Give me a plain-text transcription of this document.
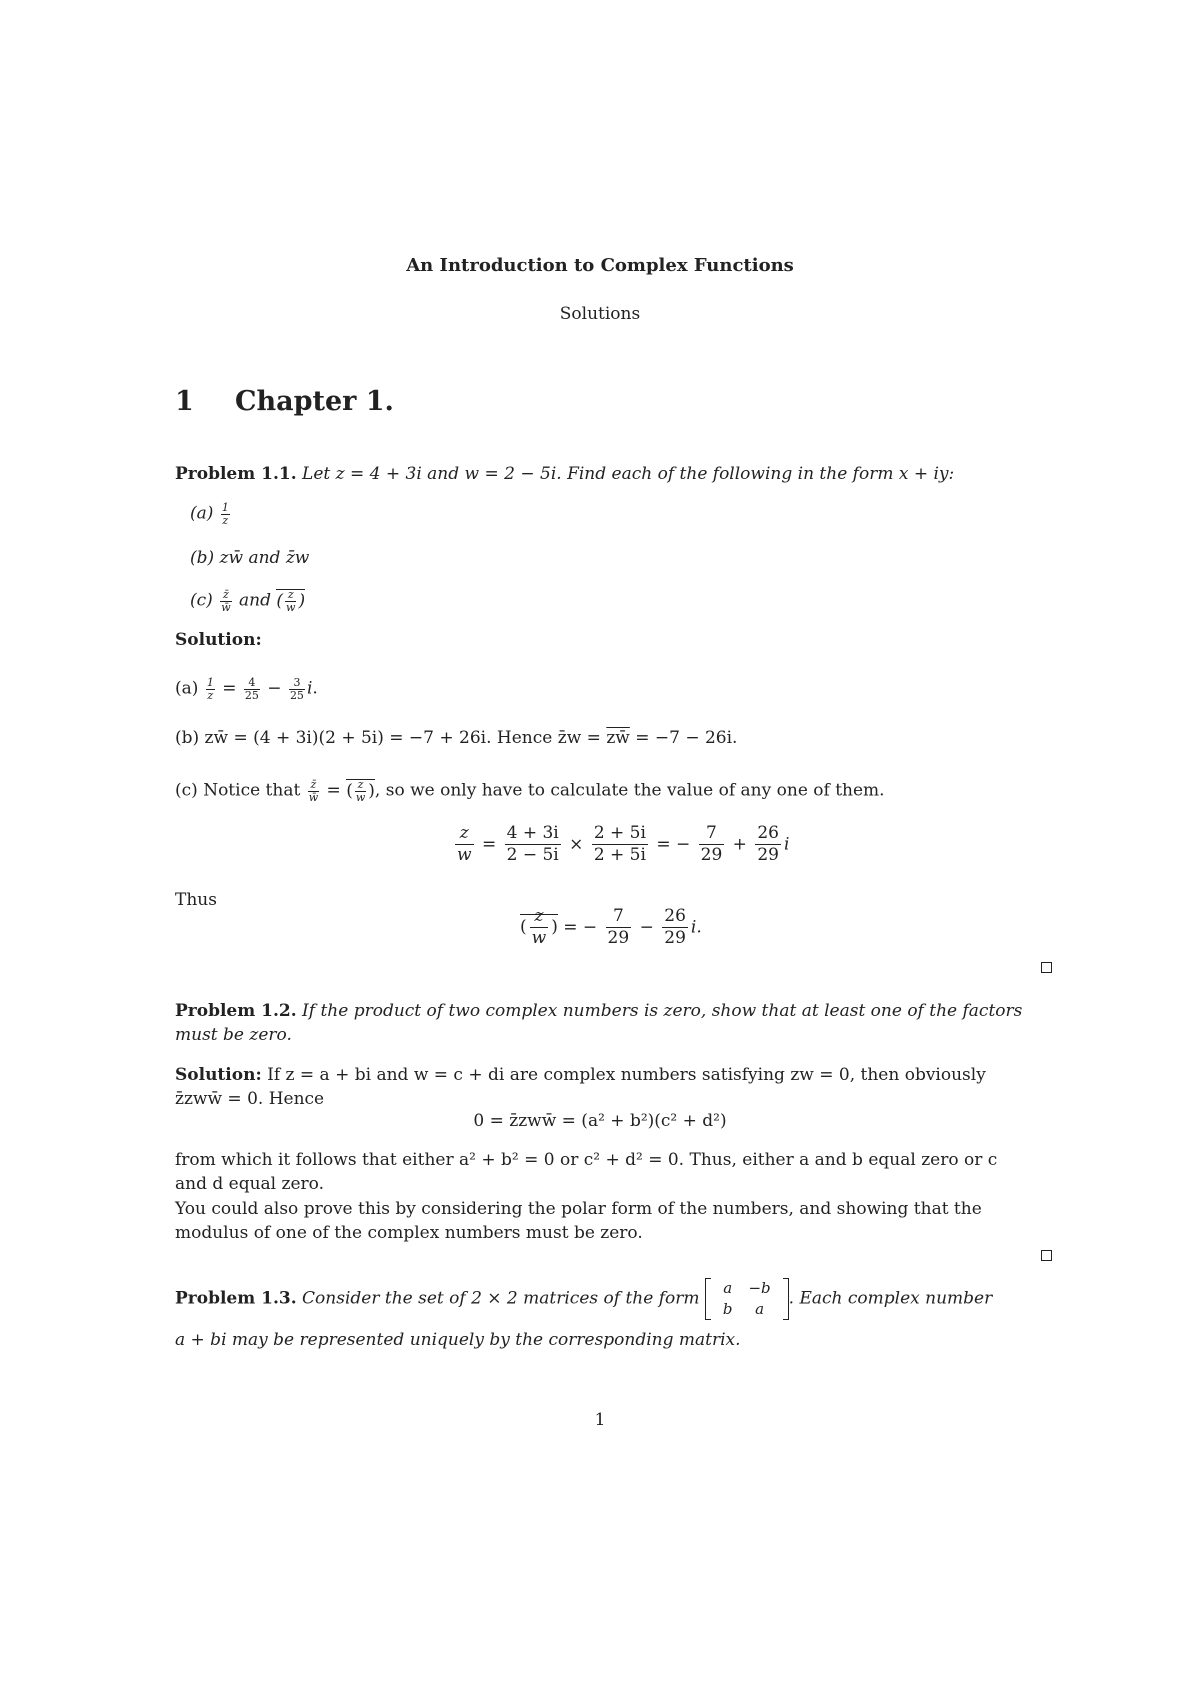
An Introduction to Complex Functions
Solutions
1 Chapter 1.
Problem 1.1. Let z = 4 + 3i and w = 2 − 5i. Find each of the following in the form x + iy:
$(a) \frac{1}{z}$
(b) zw̄ and z̄w
$(c) \frac{z̄}{w̄}$ and ( $\frac{z}{w}$ )
Solution:
$(a) \frac{1}{z} = \frac{4}{25} - \frac{3}{25} i$.
(b) zw̄ = (4 + 3i)(2 + 5i) = −7 + 26i. Hence z̄w = zw̄ = −7 − 26i.
(c) Notice that $\frac{z̄}{w̄}$ = ( $\frac{z}{w}$ ), so we only have to calculate the value of any one of them.
$\frac{z}{w} = \frac{4 + 3i}{2 - 5i} \times \frac{2 + 5i}{2 + 5i}$ = − $\frac{7}{29} + \frac{26}{29}$ i
Thus
( $\frac{z}{w}$ ) = − $\frac{7}{29} - \frac{26}{29} i$.
Problem 1.2. If the product of two complex numbers is zero, show that at least one of the factors
must be zero.
Solution: If z = a + bi and w = c + di are complex numbers satisfying zw = 0, then obviously
z̄zww̄ = 0. Hence
0 = z̄zww̄ = (a² + b²)(c² + d²)
from which it follows that either a² + b² = 0 or c² + d² = 0. Thus, either a and b equal zero or c
and d equal zero.
You could also prove this by considering the polar form of the numbers, and showing that the
modulus of one of the complex numbers must be zero.
Problem 1.3. Consider the set of 2 × 2 matrices of the form
a	−b
b	a
. Each complex number
a + bi may be represented uniquely by the corresponding matrix.
1
